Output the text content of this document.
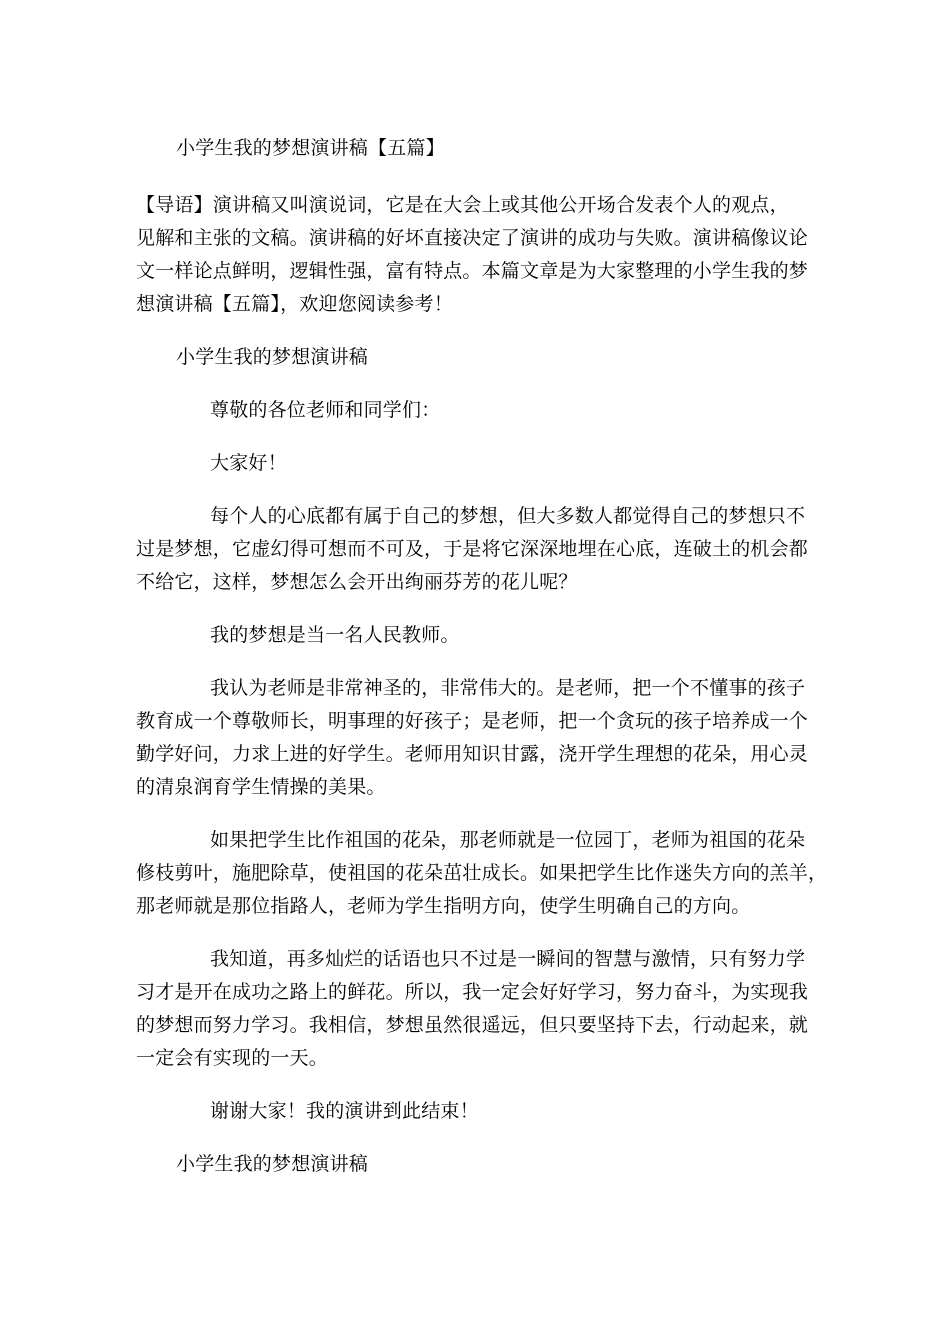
小学生我的梦想演讲稿【五篇】
【导语】演讲稿又叫演说词，它是在大会上或其他公开场合发表个人的观点，
见解和主张的文稿。演讲稿的好坏直接决定了演讲的成功与失败。演讲稿像议论
文一样论点鲜明，逻辑性强，富有特点。本篇文章是为大家整理的小学生我的梦
想演讲稿【五篇】，欢迎您阅读参考！
小学生我的梦想演讲稿
尊敬的各位老师和同学们：
大家好！
每个人的心底都有属于自己的梦想，但大多数人都觉得自己的梦想只不
过是梦想，它虚幻得可想而不可及，于是将它深深地埋在心底，连破土的机会都
不给它，这样，梦想怎么会开出绚丽芬芳的花儿呢？
我的梦想是当一名人民教师。
我认为老师是非常神圣的，非常伟大的。是老师，把一个不懂事的孩子
教育成一个尊敬师长，明事理的好孩子；是老师，把一个贪玩的孩子培养成一个
勤学好问，力求上进的好学生。老师用知识甘露，浇开学生理想的花朵，用心灵
的清泉润育学生情操的美果。
如果把学生比作祖国的花朵，那老师就是一位园丁，老师为祖国的花朵
修枝剪叶，施肥除草，使祖国的花朵茁壮成长。如果把学生比作迷失方向的羔羊，
那老师就是那位指路人，老师为学生指明方向，使学生明确自己的方向。
我知道，再多灿烂的话语也只不过是一瞬间的智慧与激情，只有努力学
习才是开在成功之路上的鲜花。所以，我一定会好好学习，努力奋斗，为实现我
的梦想而努力学习。我相信，梦想虽然很遥远，但只要坚持下去，行动起来，就
一定会有实现的一天。
谢谢大家！我的演讲到此结束！
小学生我的梦想演讲稿
